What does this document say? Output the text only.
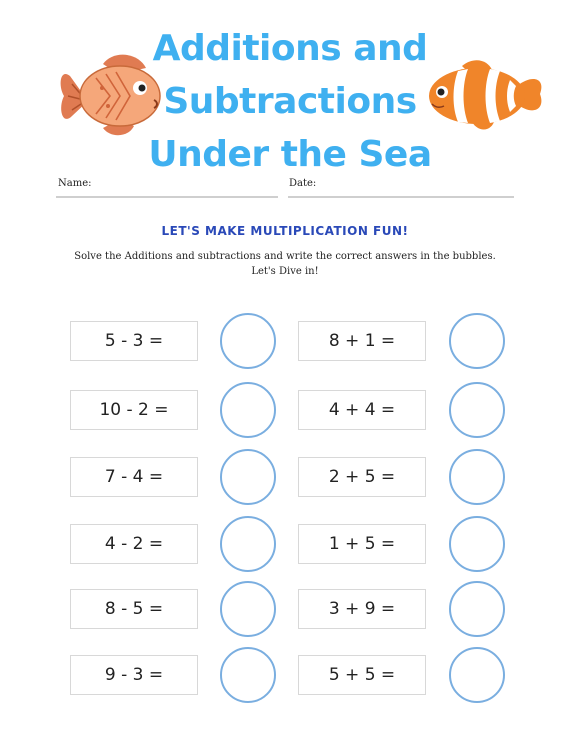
Additions and
Subtractions
Under the Sea
Name:	Date:
LET'S MAKE MULTIPLICATION FUN!
Solve the Additions and subtractions and write the correct answers in the bubbles. Let's Dive in!
5 - 3 =
10 - 2 =
7 - 4 =
4 - 2 =
8 - 5 =
9 - 3 =
8 + 1 =
4 + 4 =
2 + 5 =
1 + 5 =
3 + 9 =
5 + 5 =
